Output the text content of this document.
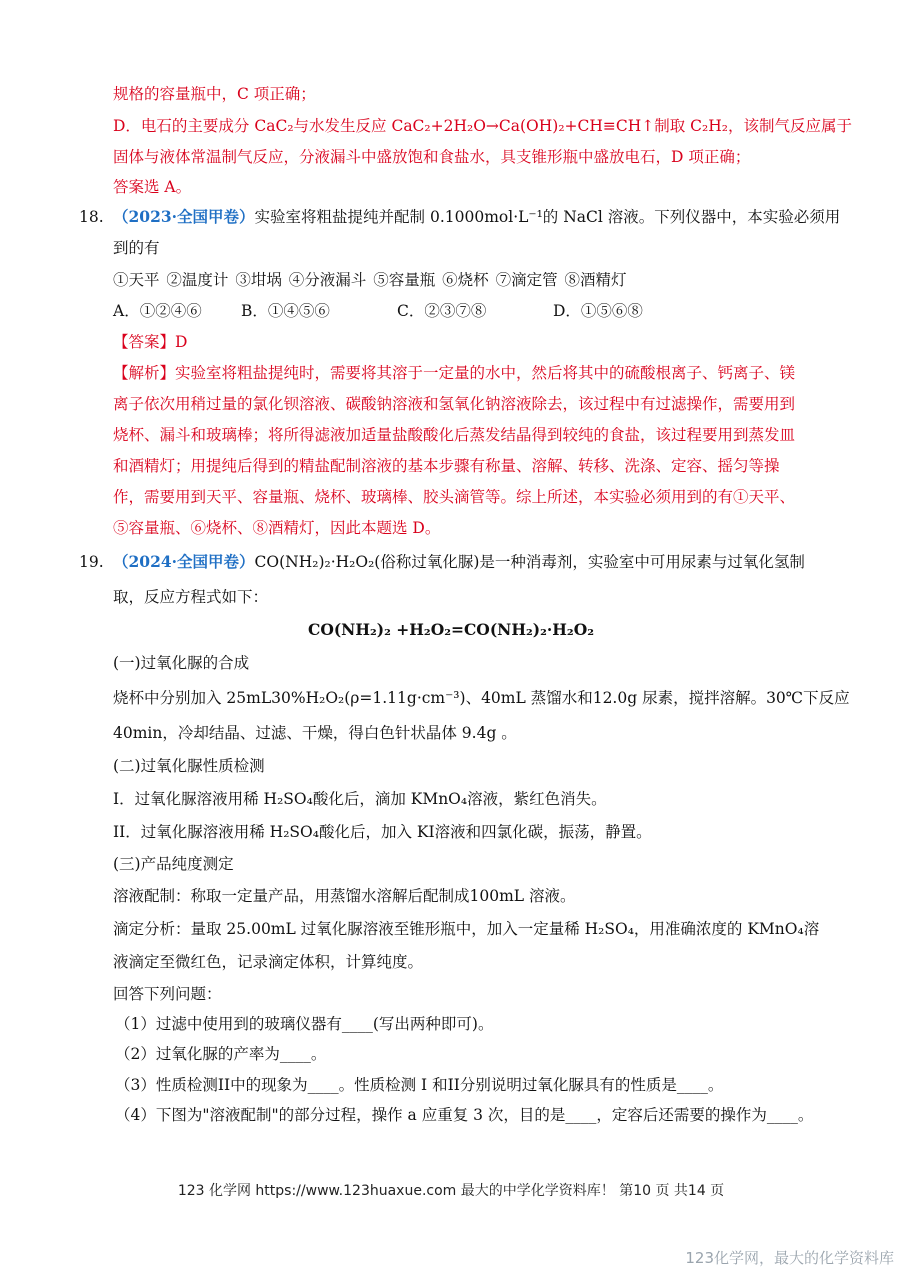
规格的容量瓶中，C 项正确；
D．电石的主要成分 CaC₂与水发生反应 CaC₂+2H₂O→Ca(OH)₂+CH≡CH↑制取 C₂H₂，该制气反应属于
固体与液体常温制气反应，分液漏斗中盛放饱和食盐水，具支锥形瓶中盛放电石，D 项正确；
答案选 A。
18. （2023·全国甲卷）实验室将粗盐提纯并配制 0.1000mol·L⁻¹的 NaCl 溶液。下列仪器中，本实验必须用
到的有
①天平 ②温度计 ③坩埚 ④分液漏斗 ⑤容量瓶 ⑥烧杯 ⑦滴定管 ⑧酒精灯
A．①②④⑥	B．①④⑤⑥	C．②③⑦⑧	D．①⑤⑥⑧
【答案】D
【解析】实验室将粗盐提纯时，需要将其溶于一定量的水中，然后将其中的硫酸根离子、钙离子、镁
离子依次用稍过量的氯化钡溶液、碳酸钠溶液和氢氧化钠溶液除去，该过程中有过滤操作，需要用到
烧杯、漏斗和玻璃棒；将所得滤液加适量盐酸酸化后蒸发结晶得到较纯的食盐，该过程要用到蒸发皿
和酒精灯；用提纯后得到的精盐配制溶液的基本步骤有称量、溶解、转移、洗涤、定容、摇匀等操
作，需要用到天平、容量瓶、烧杯、玻璃棒、胶头滴管等。综上所述，本实验必须用到的有①天平、
⑤容量瓶、⑥烧杯、⑧酒精灯，因此本题选 D。
19. （2024·全国甲卷）CO(NH₂)₂·H₂O₂(俗称过氧化脲)是一种消毒剂，实验室中可用尿素与过氧化氢制
取，反应方程式如下：
CO(NH₂)₂ +H₂O₂=CO(NH₂)₂·H₂O₂
(一)过氧化脲的合成
烧杯中分别加入 25mL30%H₂O₂(ρ=1.11g·cm⁻³)、40mL 蒸馏水和12.0g 尿素，搅拌溶解。30℃下反应
40min，冷却结晶、过滤、干燥，得白色针状晶体 9.4g 。
(二)过氧化脲性质检测
I．过氧化脲溶液用稀 H₂SO₄酸化后，滴加 KMnO₄溶液，紫红色消失。
II．过氧化脲溶液用稀 H₂SO₄酸化后，加入 KI溶液和四氯化碳，振荡，静置。
(三)产品纯度测定
溶液配制：称取一定量产品，用蒸馏水溶解后配制成100mL 溶液。
滴定分析：量取 25.00mL 过氧化脲溶液至锥形瓶中，加入一定量稀 H₂SO₄，用准确浓度的 KMnO₄溶
液滴定至微红色，记录滴定体积，计算纯度。
回答下列问题：
（1）过滤中使用到的玻璃仪器有____(写出两种即可)。
（2）过氧化脲的产率为____。
（3）性质检测II中的现象为____。性质检测 I 和II分别说明过氧化脲具有的性质是____。
（4）下图为"溶液配制"的部分过程，操作 a 应重复 3 次，目的是____，定容后还需要的操作为____。
123 化学网 https://www.123huaxue.com 最大的中学化学资料库！ 第10 页 共14 页
123化学网，最大的化学资料库
